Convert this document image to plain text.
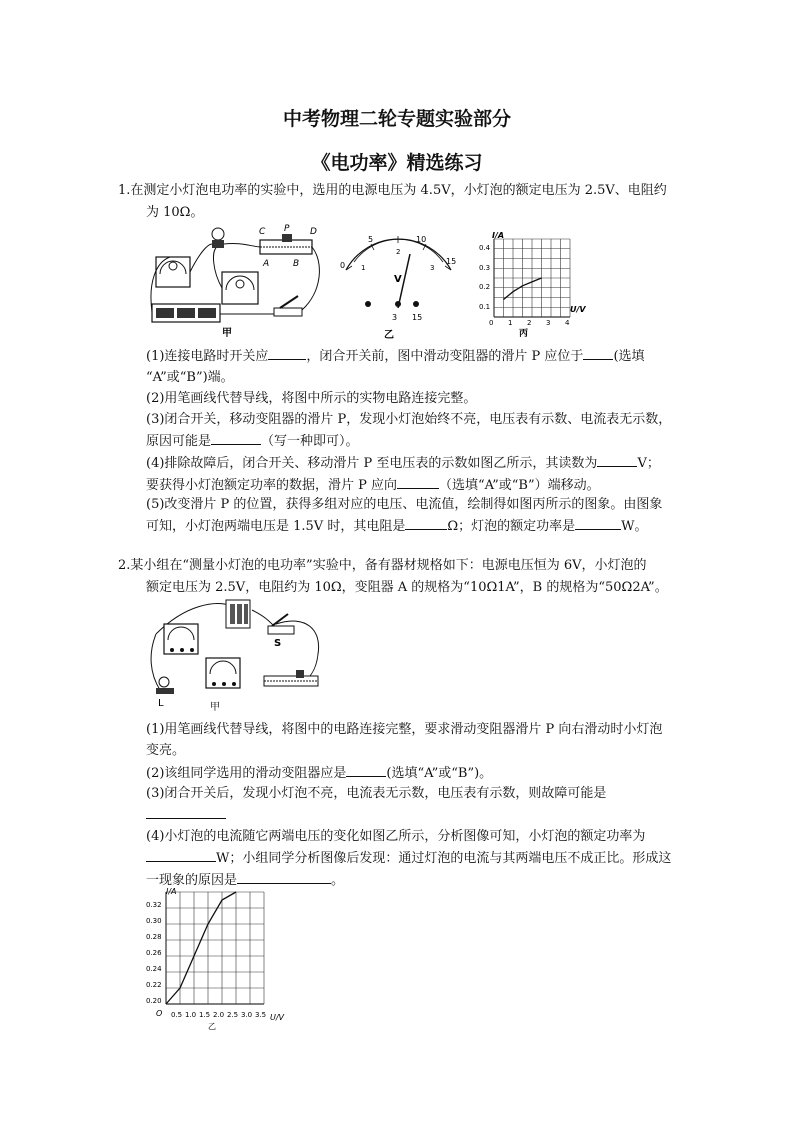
中考物理二轮专题实验部分
《电功率》精选练习
1.在测定小灯泡电功率的实验中，选用的电源电压为 4.5V，小灯泡的额定电压为 2.5V、电阻约
为 10Ω。
C P D
A	B
甲
0
5	10
15
1
2
3
V
3 15
乙
I/A
U/V
0.4
0.3
0.2
0.1
0 1 2 3 4
丙
(1)连接电路时开关应	，闭合开关前，图中滑动变阻器的滑片 P 应位于 (选填
“A”或“B”)端。
(2)用笔画线代替导线，将图中所示的实物电路连接完整。
(3)闭合开关，移动变阻器的滑片 P，发现小灯泡始终不亮，电压表有示数、电流表无示数，
原因可能是	（写一种即可）。
(4)排除故障后，闭合开关、移动滑片 P 至电压表的示数如图乙所示，其读数为	V；
要获得小灯泡额定功率的数据，滑片 P 应向	（选填“A”或“B”）端移动。
(5)改变滑片 P 的位置，获得多组对应的电压、电流值，绘制得如图丙所示的图象。由图象
可知，小灯泡两端电压是 1.5V 时，其电阻是	Ω；灯泡的额定功率是	W。
2.某小组在“测量小灯泡的电功率”实验中，备有器材规格如下：电源电压恒为 6V，小灯泡的
额定电压为 2.5V，电阻约为 10Ω，变阻器 A 的规格为“10Ω1A”，B 的规格为“50Ω2A”。
S
L	甲
(1)用笔画线代替导线，将图中的电路连接完整，要求滑动变阻器滑片 P 向右滑动时小灯泡
变亮。
(2)该组同学选用的滑动变阻器应是	(选填“A”或“B”)。
(3)闭合开关后，发现小灯泡不亮，电流表无示数，电压表有示数，则故障可能是

(4)小灯泡的电流随它两端电压的变化如图乙所示，分析图像可知，小灯泡的额定功率为
W；小组同学分析图像后发现：通过灯泡的电流与其两端电压不成正比。形成这
一现象的原因是	。
I/A
U/V
O
0.32
0.30
0.28
0.26
0.24
0.22
0.20
0.5 1.0 1.5 2.0 2.5 3.0 3.5
乙
